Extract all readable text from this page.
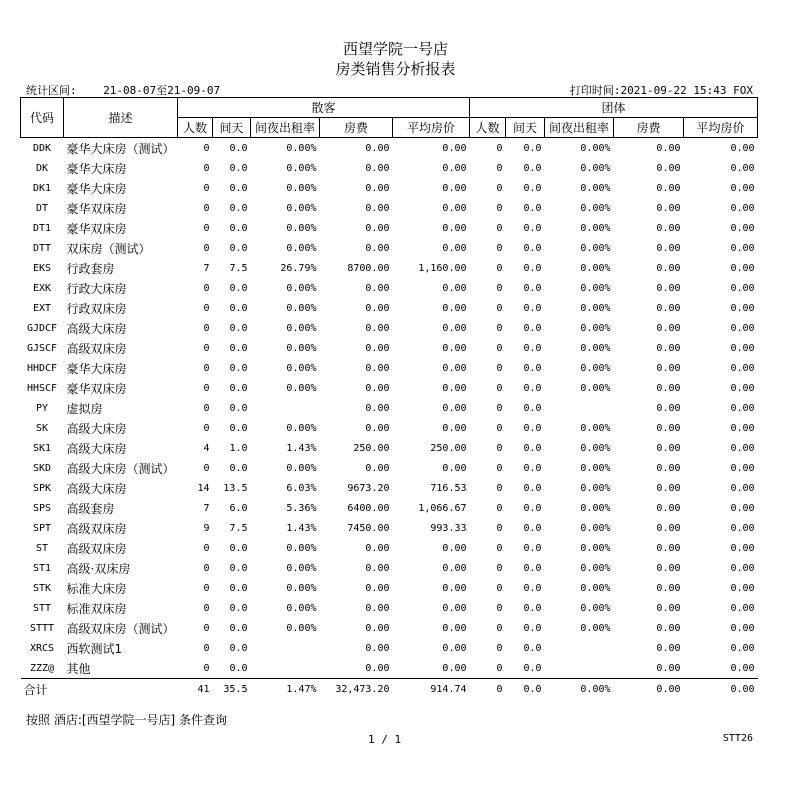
西望学院一号店
房类销售分析报表
统计区间: 21-08-07至21-09-07	打印时间:2021-09-22 15:43 FOX
代码	描述	散客					团体				
		人数	间天	间夜出租率	房费	平均房价	人数	间天	间夜出租率	房费	平均房价
DDK	豪华大床房（测试）	0	0.0	0.00%	0.00	0.00	0	0.0	0.00%	0.00	0.00
DK	豪华大床房	0	0.0	0.00%	0.00	0.00	0	0.0	0.00%	0.00	0.00
DK1	豪华大床房	0	0.0	0.00%	0.00	0.00	0	0.0	0.00%	0.00	0.00
DT	豪华双床房	0	0.0	0.00%	0.00	0.00	0	0.0	0.00%	0.00	0.00
DT1	豪华双床房	0	0.0	0.00%	0.00	0.00	0	0.0	0.00%	0.00	0.00
DTT	双床房（测试）	0	0.0	0.00%	0.00	0.00	0	0.0	0.00%	0.00	0.00
EKS	行政套房	7	7.5	26.79%	8700.00	1,160.00	0	0.0	0.00%	0.00	0.00
EXK	行政大床房	0	0.0	0.00%	0.00	0.00	0	0.0	0.00%	0.00	0.00
EXT	行政双床房	0	0.0	0.00%	0.00	0.00	0	0.0	0.00%	0.00	0.00
GJDCF	高级大床房	0	0.0	0.00%	0.00	0.00	0	0.0	0.00%	0.00	0.00
GJSCF	高级双床房	0	0.0	0.00%	0.00	0.00	0	0.0	0.00%	0.00	0.00
HHDCF	豪华大床房	0	0.0	0.00%	0.00	0.00	0	0.0	0.00%	0.00	0.00
HHSCF	豪华双床房	0	0.0	0.00%	0.00	0.00	0	0.0	0.00%	0.00	0.00
PY	虚拟房	0	0.0		0.00	0.00	0	0.0		0.00	0.00
SK	高级大床房	0	0.0	0.00%	0.00	0.00	0	0.0	0.00%	0.00	0.00
SK1	高级大床房	4	1.0	1.43%	250.00	250.00	0	0.0	0.00%	0.00	0.00
SKD	高级大床房（测试）	0	0.0	0.00%	0.00	0.00	0	0.0	0.00%	0.00	0.00
SPK	高级大床房	14	13.5	6.03%	9673.20	716.53	0	0.0	0.00%	0.00	0.00
SPS	高级套房	7	6.0	5.36%	6400.00	1,066.67	0	0.0	0.00%	0.00	0.00
SPT	高级双床房	9	7.5	1.43%	7450.00	993.33	0	0.0	0.00%	0.00	0.00
ST	高级双床房	0	0.0	0.00%	0.00	0.00	0	0.0	0.00%	0.00	0.00
ST1	高级·双床房	0	0.0	0.00%	0.00	0.00	0	0.0	0.00%	0.00	0.00
STK	标准大床房	0	0.0	0.00%	0.00	0.00	0	0.0	0.00%	0.00	0.00
STT	标准双床房	0	0.0	0.00%	0.00	0.00	0	0.0	0.00%	0.00	0.00
STTT	高级双床房（测试）	0	0.0	0.00%	0.00	0.00	0	0.0	0.00%	0.00	0.00
XRCS	西软测试1	0	0.0		0.00	0.00	0	0.0		0.00	0.00
ZZZ@	其他	0	0.0		0.00	0.00	0	0.0		0.00	0.00
合计		41	35.5	1.47%	32,473.20	914.74	0	0.0	0.00%	0.00	0.00
按照 酒店:[西望学院一号店] 条件查询
1 / 1	STT26
